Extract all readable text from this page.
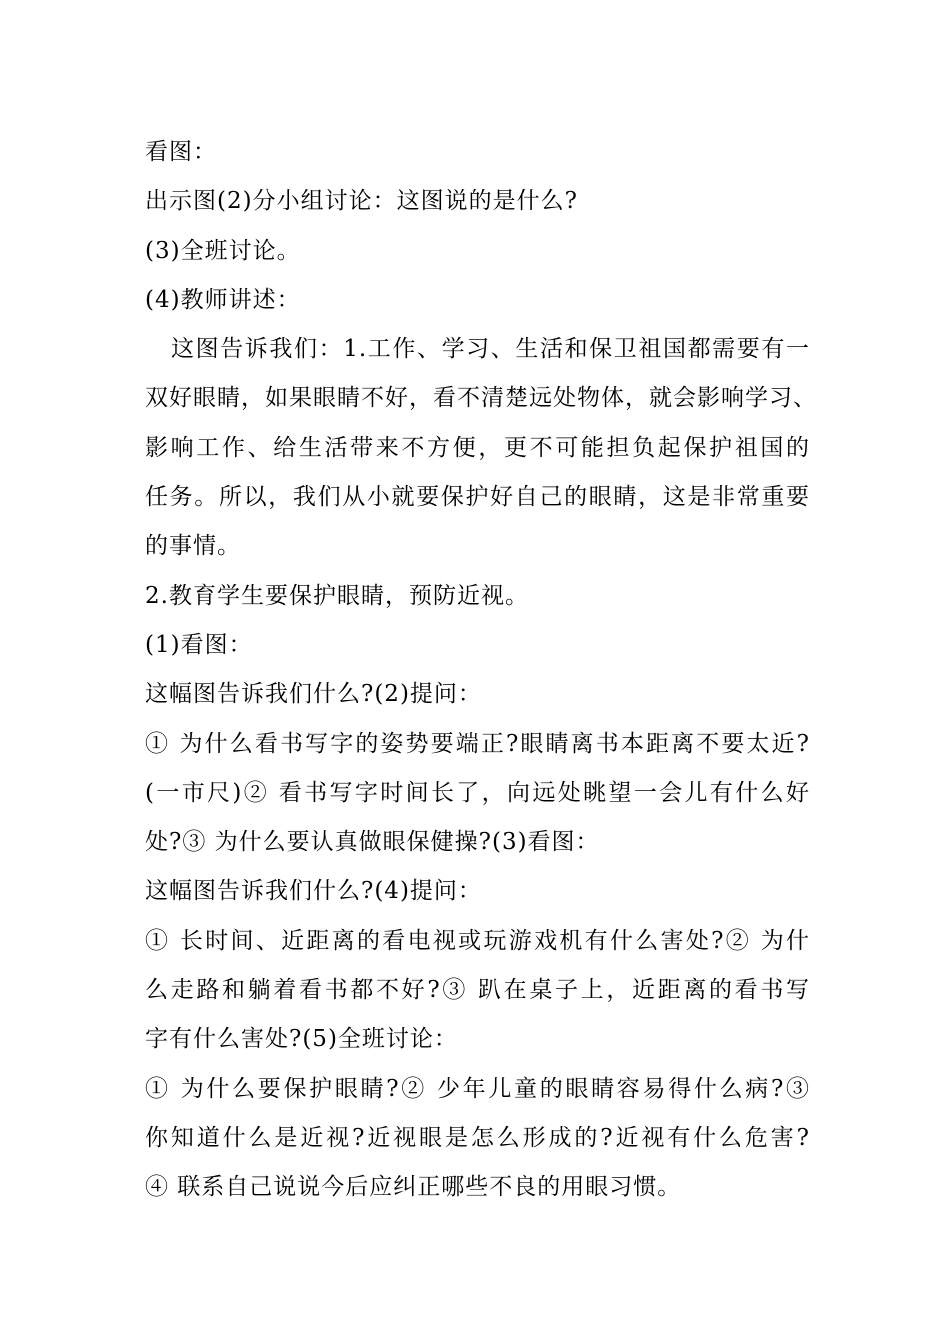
看图：
出示图(2)分小组讨论：这图说的是什么?
(3)全班讨论。
(4)教师讲述：
这图告诉我们：1.工作、学习、生活和保卫祖国都需要有一
双好眼睛，如果眼睛不好，看不清楚远处物体，就会影响学习、
影响工作、给生活带来不方便，更不可能担负起保护祖国的
任务。所以，我们从小就要保护好自己的眼睛，这是非常重要
的事情。
2.教育学生要保护眼睛，预防近视。
(1)看图：
这幅图告诉我们什么?(2)提问：
① 为什么看书写字的姿势要端正?眼睛离书本距离不要太近?
(一市尺)② 看书写字时间长了，向远处眺望一会儿有什么好
处?③ 为什么要认真做眼保健操?(3)看图：
这幅图告诉我们什么?(4)提问：
① 长时间、近距离的看电视或玩游戏机有什么害处?② 为什
么走路和躺着看书都不好?③ 趴在桌子上，近距离的看书写
字有什么害处?(5)全班讨论：
① 为什么要保护眼睛?② 少年儿童的眼睛容易得什么病?③
你知道什么是近视?近视眼是怎么形成的?近视有什么危害?
④ 联系自己说说今后应纠正哪些不良的用眼习惯。
